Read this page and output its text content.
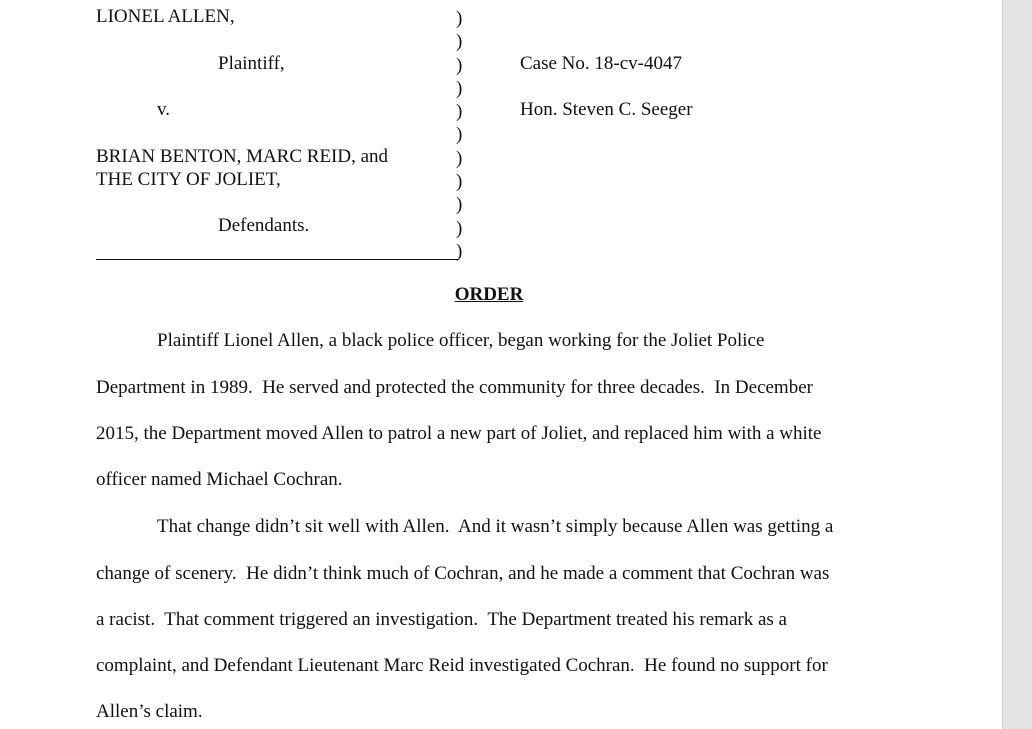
LIONEL ALLEN,

Plaintiff,

v.

BRIAN BENTON, MARC REID, and

THE CITY OF JOLIET,

Defendants.

)
)
)
)
)
)
)
)
)
)
)

Case No. 18-cv-4047

Hon. Steven C. Seeger

ORDER

Plaintiff Lionel Allen, a black police officer, began working for the Joliet Police

Department in 1989.  He served and protected the community for three decades.  In December

2015, the Department moved Allen to patrol a new part of Joliet, and replaced him with a white

officer named Michael Cochran.

That change didn’t sit well with Allen.  And it wasn’t simply because Allen was getting a

change of scenery.  He didn’t think much of Cochran, and he made a comment that Cochran was

a racist.  That comment triggered an investigation.  The Department treated his remark as a

complaint, and Defendant Lieutenant Marc Reid investigated Cochran.  He found no support for

Allen’s claim.
